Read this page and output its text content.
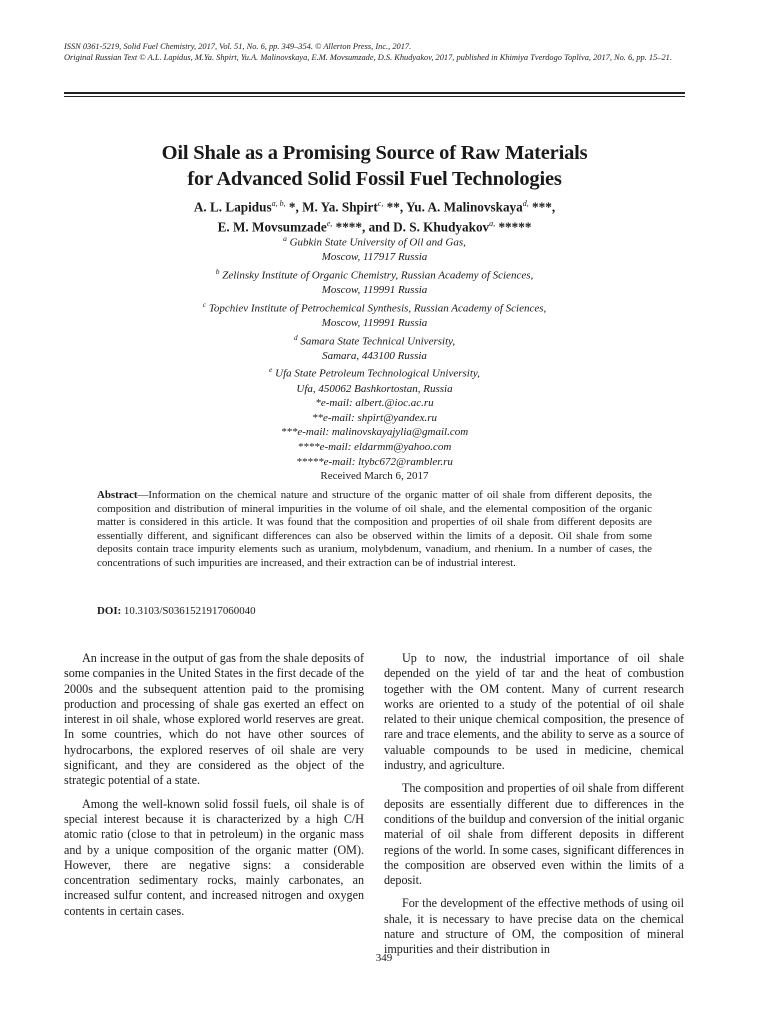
ISSN 0361-5219, Solid Fuel Chemistry, 2017, Vol. 51, No. 6, pp. 349–354. © Allerton Press, Inc., 2017.
Original Russian Text © A.L. Lapidus, M.Ya. Shpirt, Yu.A. Malinovskaya, E.M. Movsumzade, D.S. Khudyakov, 2017, published in Khimiya Tverdogo Topliva, 2017, No. 6, pp. 15–21.
Oil Shale as a Promising Source of Raw Materials
for Advanced Solid Fossil Fuel Technologies
A. L. Lapidus$^{a, b,}$ *, M. Ya. Shpirt$^{c,}$ **, Yu. A. Malinovskaya$^{d,}$ ***,
E. M. Movsumzade$^{e,}$ ****, and D. S. Khudyakov$^{a,}$ *****
$^a$ Gubkin State University of Oil and Gas,
Moscow, 117917 Russia
$^b$ Zelinsky Institute of Organic Chemistry, Russian Academy of Sciences,
Moscow, 119991 Russia
$^c$ Topchiev Institute of Petrochemical Synthesis, Russian Academy of Sciences,
Moscow, 119991 Russia
$^d$ Samara State Technical University,
Samara, 443100 Russia
$^e$ Ufa State Petroleum Technological University,
Ufa, 450062 Bashkortostan, Russia
*e-mail: albert.@ioc.ac.ru
**e-mail: shpirt@yandex.ru
***e-mail: malinovskayajylia@gmail.com
****e-mail: eldarmm@yahoo.com
*****e-mail: ltybc672@rambler.ru
Received March 6, 2017
Abstract—Information on the chemical nature and structure of the organic matter of oil shale from different deposits, the composition and distribution of mineral impurities in the volume of oil shale, and the elemental composition of the organic matter is considered in this article. It was found that the composition and properties of oil shale from different deposits are essentially different, and significant differences can also be observed within the limits of a deposit. Oil shale from some deposits contain trace impurity elements such as uranium, molybdenum, vanadium, and rhenium. In a number of cases, the concentrations of such impurities are increased, and their extraction can be of industrial interest.
DOI: 10.3103/S0361521917060040

An increase in the output of gas from the shale deposits of some companies in the United States in the first decade of the 2000s and the subsequent attention paid to the promising production and processing of shale gas exerted an effect on interest in oil shale, whose explored world reserves are great. In some countries, which do not have other sources of hydrocarbons, the explored reserves of oil shale are very significant, and they are considered as the object of the strategic potential of a state.

Among the well-known solid fossil fuels, oil shale is of special interest because it is characterized by a high C/H atomic ratio (close to that in petroleum) in the organic mass and by a unique composition of the organic matter (OM). However, there are negative signs: a considerable concentration sedimentary rocks, mainly carbonates, an increased sulfur content, and increased nitrogen and oxygen contents in certain cases.

Up to now, the industrial importance of oil shale depended on the yield of tar and the heat of combustion together with the OM content. Many of current research works are oriented to a study of the potential of oil shale related to their unique chemical composition, the presence of rare and trace elements, and the ability to serve as a source of valuable compounds to be used in medicine, chemical industry, and agriculture.

The composition and properties of oil shale from different deposits are essentially different due to differences in the conditions of the buildup and conversion of the initial organic material of oil shale from different deposits in different regions of the world. In some cases, significant differences in the composition are observed even within the limits of a deposit.

For the development of the effective methods of using oil shale, it is necessary to have precise data on the chemical nature and structure of OM, the composition of mineral impurities and their distribution in

349
